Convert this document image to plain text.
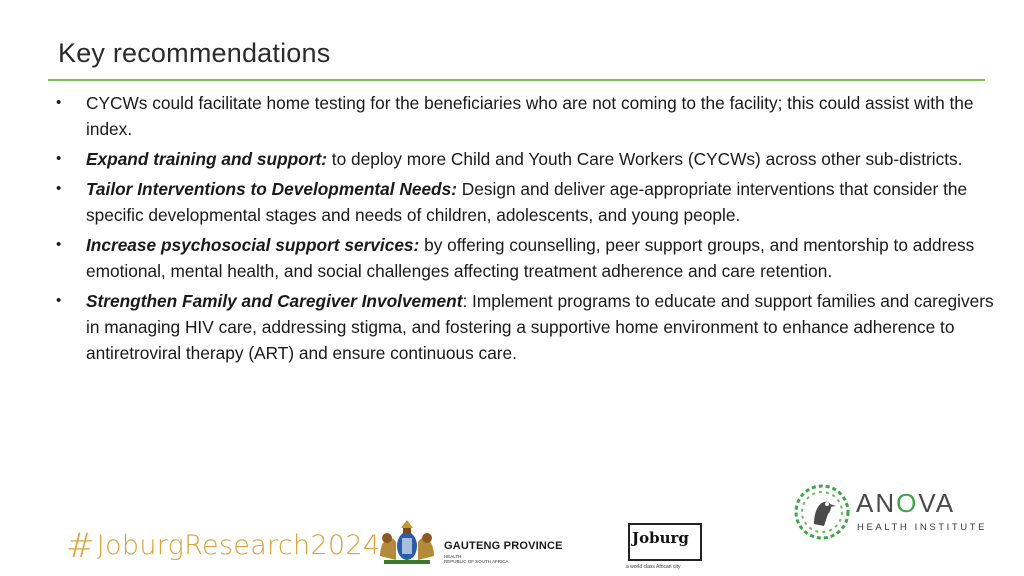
Key recommendations
• CYCWs could facilitate home testing for the beneficiaries who are not coming to the facility; this could assist with the index.
• Expand training and support: to deploy more Child and Youth Care Workers (CYCWs) across other sub-districts.
• Tailor Interventions to Developmental Needs: Design and deliver age-appropriate interventions that consider the specific developmental stages and needs of children, adolescents, and young people.
• Increase psychosocial support services: by offering counselling, peer support groups, and mentorship to address emotional, mental health, and social challenges affecting treatment adherence and care retention.
• Strengthen Family and Caregiver Involvement: Implement programs to educate and support families and caregivers in managing HIV care, addressing stigma, and fostering a supportive home environment to enhance adherence to antiretroviral therapy (ART) and ensure continuous care.
#JoburgResearch2024	GAUTENG PROVINCE
HEALTH
REPUBLIC OF SOUTH AFRICA
Joburg
a world class African city
ANOVA
HEALTH INSTITUTE
